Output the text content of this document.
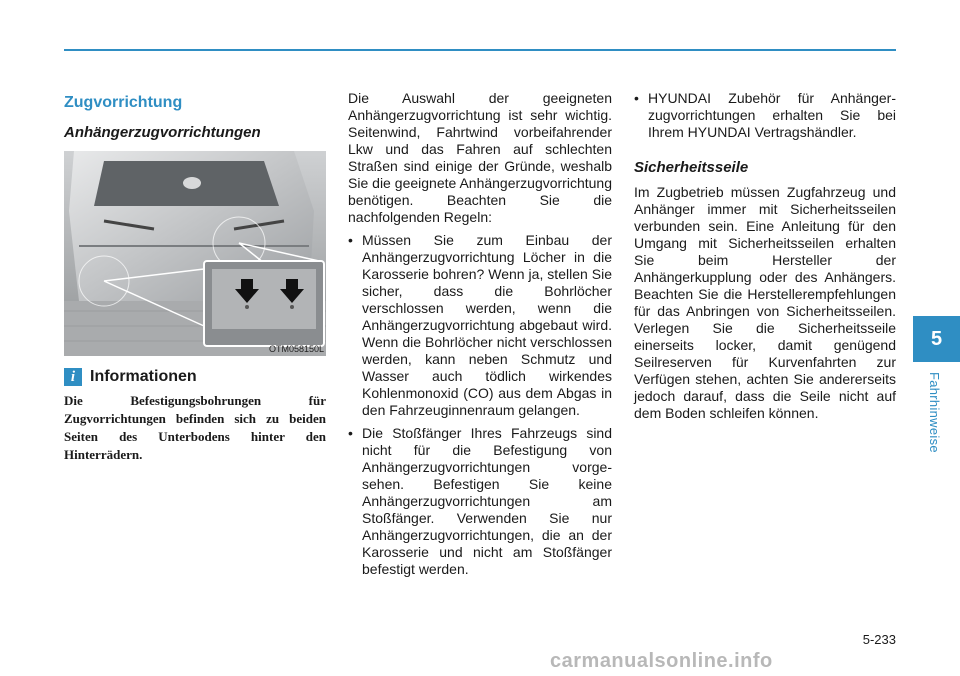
Zugvorrichtung
Anhängerzugvorrichtungen
OTM058150L
i Informationen

Die Befestigungsbohrungen für Zugvorrichtungen befinden sich zu beiden Seiten des Unterbodens hinter den Hinterrädern.

Die Auswahl der geeigneten Anhängerzugvorrichtung ist sehr wichtig. Seitenwind, Fahrtwind vorbeifahrender Lkw und das Fahren auf schlechten Straßen sind einige der Gründe, weshalb Sie die geeignete Anhängerzugvorrichtung benötigen. Beachten Sie die nachfolgenden Regeln:

• Müssen Sie zum Einbau der Anhängerzugvorrichtung Löcher in die Karosserie bohren? Wenn ja, stellen Sie sicher, dass die Bohrlöcher verschlossen werden, wenn die Anhängerzugvorrichtung abgebaut wird. Wenn die Bohrlöcher nicht verschlossen werden, kann neben Schmutz und Wasser auch tödlich wirkendes Kohlenmonoxid (CO) aus dem Abgas in den Fahrzeuginnenraum gelangen.
• Die Stoßfänger Ihres Fahrzeugs sind nicht für die Befestigung von Anhängerzugvorrichtungen vorge-sehen. Befestigen Sie keine Anhängerzugvorrichtungen am Stoßfänger. Verwenden Sie nur Anhängerzugvorrichtungen, die an der Karosserie und nicht am Stoßfänger befestigt werden.
• HYUNDAI Zubehör für Anhänger-zugvorrichtungen erhalten Sie bei Ihrem HYUNDAI Vertragshändler.
Sicherheitsseile

Im Zugbetrieb müssen Zugfahrzeug und Anhänger immer mit Sicherheitsseilen verbunden sein. Eine Anleitung für den Umgang mit Sicherheitsseilen erhalten Sie beim Hersteller der Anhängerkupplung oder des Anhängers. Beachten Sie die Herstellerempfehlungen für das Anbringen von Sicherheitsseilen. Verlegen Sie die Sicherheitsseile einerseits locker, damit genügend Seilreserven für Kurvenfahrten zur Verfügen stehen, achten Sie andererseits jedoch darauf, dass die Seile nicht auf dem Boden schleifen können.

5
Fahrhinweise
5-233
carmanualsonline.info
